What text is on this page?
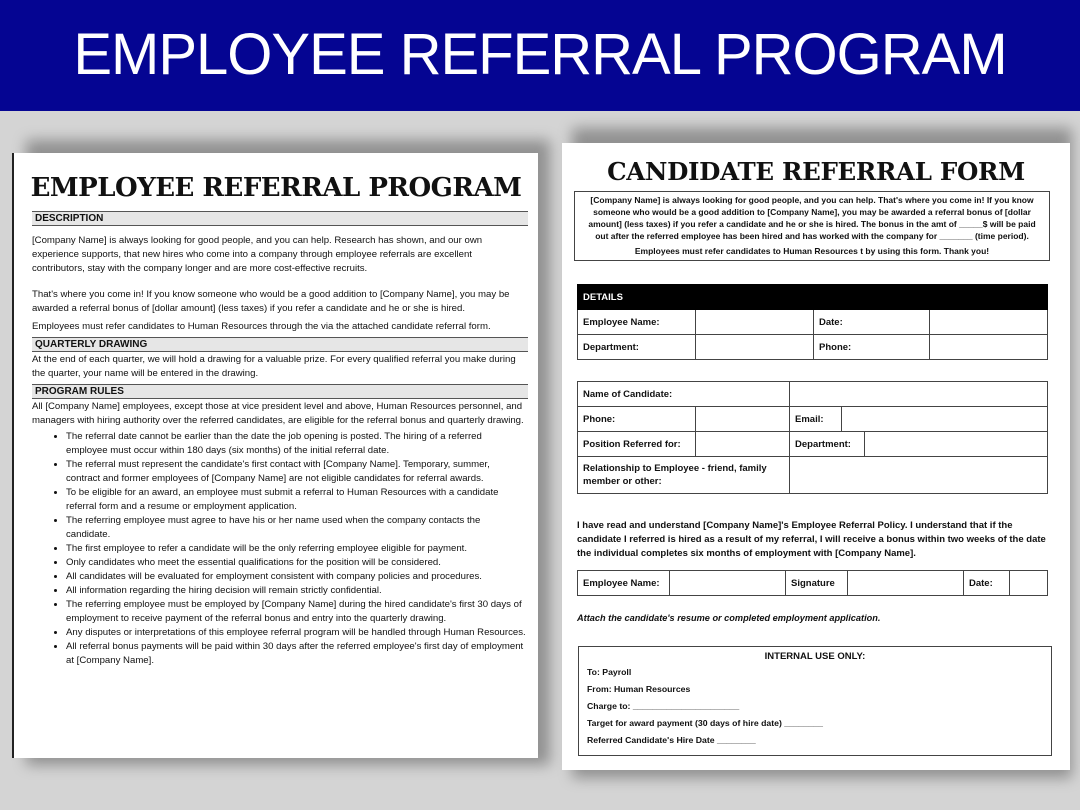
EMPLOYEE REFERRAL PROGRAM
EMPLOYEE REFERRAL PROGRAM
DESCRIPTION

[Company Name] is always looking for good people, and you can help. Research has shown, and our own experience supports, that new hires who come into a company through employee referrals are excellent contributors, stay with the company longer and are more cost-effective recruits.

That's where you come in! If you know someone who would be a good addition to [Company Name], you may be awarded a referral bonus of [dollar amount] (less taxes) if you refer a candidate and he or she is hired.

Employees must refer candidates to Human Resources through the via the attached candidate referral form.

QUARTERLY DRAWING

At the end of each quarter, we will hold a drawing for a valuable prize. For every qualified referral you make during the quarter, your name will be entered in the drawing.

PROGRAM RULES

All [Company Name] employees, except those at vice president level and above, Human Resources personnel, and managers with hiring authority over the referred candidates, are eligible for the referral bonus and quarterly drawing.

• The referral date cannot be earlier than the date the job opening is posted. The hiring of a referred employee must occur within 180 days (six months) of the initial referral date.
• The referral must represent the candidate's first contact with [Company Name]. Temporary, summer, contract and former employees of [Company Name] are not eligible candidates for referral awards.
• To be eligible for an award, an employee must submit a referral to Human Resources with a candidate referral form and a resume or employment application.
• The referring employee must agree to have his or her name used when the company contacts the candidate.
• The first employee to refer a candidate will be the only referring employee eligible for payment.
• Only candidates who meet the essential qualifications for the position will be considered.
• All candidates will be evaluated for employment consistent with company policies and procedures.
• All information regarding the hiring decision will remain strictly confidential.
• The referring employee must be employed by [Company Name] during the hired candidate's first 30 days of employment to receive payment of the referral bonus and entry into the quarterly drawing.
• Any disputes or interpretations of this employee referral program will be handled through Human Resources.
• All referral bonus payments will be paid within 30 days after the referred employee's first day of employment at [Company Name].
CANDIDATE REFERRAL FORM
[Company Name] is always looking for good people, and you can help. That's where you come in! If you know someone who would be a good addition to [Company Name], you may be awarded a referral bonus of [dollar amount] (less taxes) if you refer a candidate and he or she is hired. The bonus in the amt of _____$ will be paid out after the referred employee has been hired and has worked with the company for _______ (time period).
Employees must refer candidates to Human Resources t by using this form. Thank you!
DETAILS			
Employee Name:		Date:	
Department:		Phone:	
Name of Candidate:			
Phone:		Email:	
Position Referred for:		Department:	

Relationship to Employee - friend, family member or other:			
I have read and understand [Company Name]'s Employee Referral Policy. I understand that if the candidate I referred is hired as a result of my referral, I will receive a bonus within two weeks of the date the individual completes six months of employment with [Company Name].
Employee Name:		Signature		Date:	
Attach the candidate's resume or completed employment application.
INTERNAL USE ONLY:
To: Payroll
From: Human Resources
Charge to: ______________________
Target for award payment (30 days of hire date) ________
Referred Candidate's Hire Date ________
